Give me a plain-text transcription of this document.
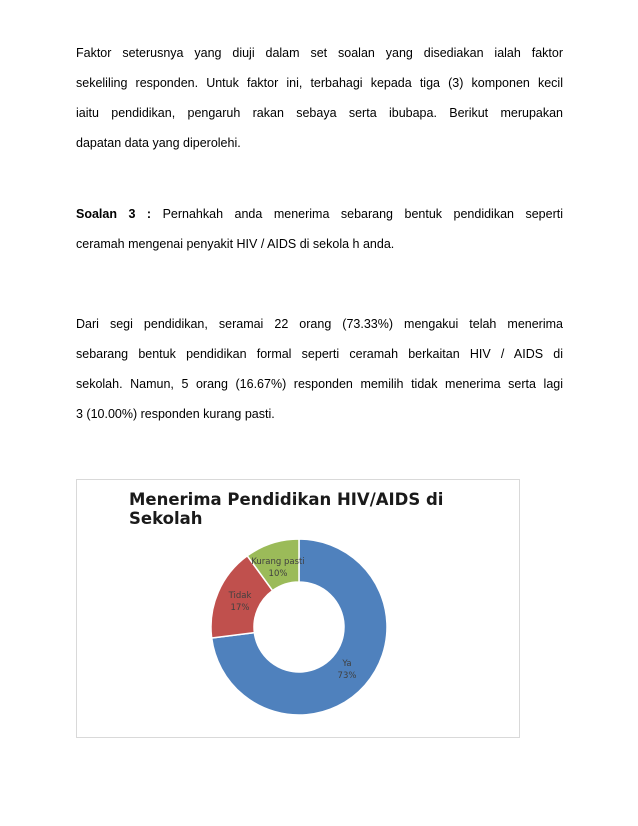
Faktor seterusnya yang diuji dalam set soalan yang disediakan ialah faktor
sekeliling responden. Untuk faktor ini, terbahagi kepada tiga (3) komponen kecil
iaitu pendidikan, pengaruh rakan sebaya serta ibubapa. Berikut merupakan
dapatan data yang diperolehi.
Soalan 3 : Pernahkah anda menerima sebarang bentuk pendidikan seperti
ceramah mengenai penyakit HIV / AIDS di sekola h anda.
Dari segi pendidikan, seramai 22 orang (73.33%) mengakui telah menerima
sebarang bentuk pendidikan formal seperti ceramah berkaitan HIV / AIDS di
sekolah. Namun, 5 orang (16.67%) responden memilih tidak menerima serta lagi
3 (10.00%) responden kurang pasti.
Menerima Pendidikan HIV/AIDS di Sekolah
Ya
73%
Tidak
17%
Kurang pasti
10%
